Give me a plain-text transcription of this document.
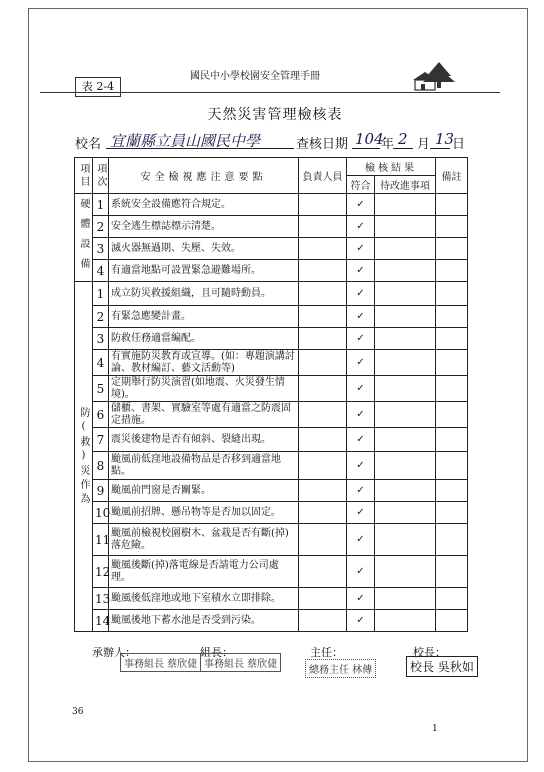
表 2-4
國民中小學校園安全管理手冊
天然災害管理檢核表
校名 宜蘭縣立員山國民中學	查核日期 104
年 2 月 13
日
項目	項次	安全檢視應注意要點	負責人員	檢核結果		備註
				符合	待改進事項	
硬體設備	1	系統安全設備應符合規定。		✓		
	2	安全逃生標誌標示清楚。		✓		
	3	滅火器無過期、失壓、失效。		✓		
	4	有適當地點可設置緊急避難場所。		✓		
防(救)災作為	1	成立防災救援組織，且可隨時動員。		✓		
	2	有緊急應變計畫。		✓		
	3	防救任務適當編配。		✓		
	4	有實施防災教育或宣導。(如：專題演講討論、教材編訂、藝文活動等)		✓		
	5	定期舉行防災演習(如地震、火災發生情境)。		✓		
	6	儲櫃、書架、實驗室等處有適當之防震固定措施。		✓		
	7	震災後建物是否有傾斜、裂縫出現。		✓		
	8	颱風前低窪地設備物品是否移到適當地點。		✓		
	9	颱風前門窗是否關緊。		✓		
	10	颱風前招牌、懸吊物等是否加以固定。		✓		
	11	颱風前檢視校園樹木、盆栽是否有斷(掉)落危險。		✓		
	12	颱風後斷(掉)落電線是否請電力公司處理。		✓		
	13	颱風後低窪地或地下室積水立即排除。		✓		
	14	颱風後地下蓄水池是否受到污染。		✓		
承辦人：
事務組長 蔡欣倢
組長：
事務組長 蔡欣倢
主任：
總務主任 林傳
校長：
校長 吳秋如
36
1
